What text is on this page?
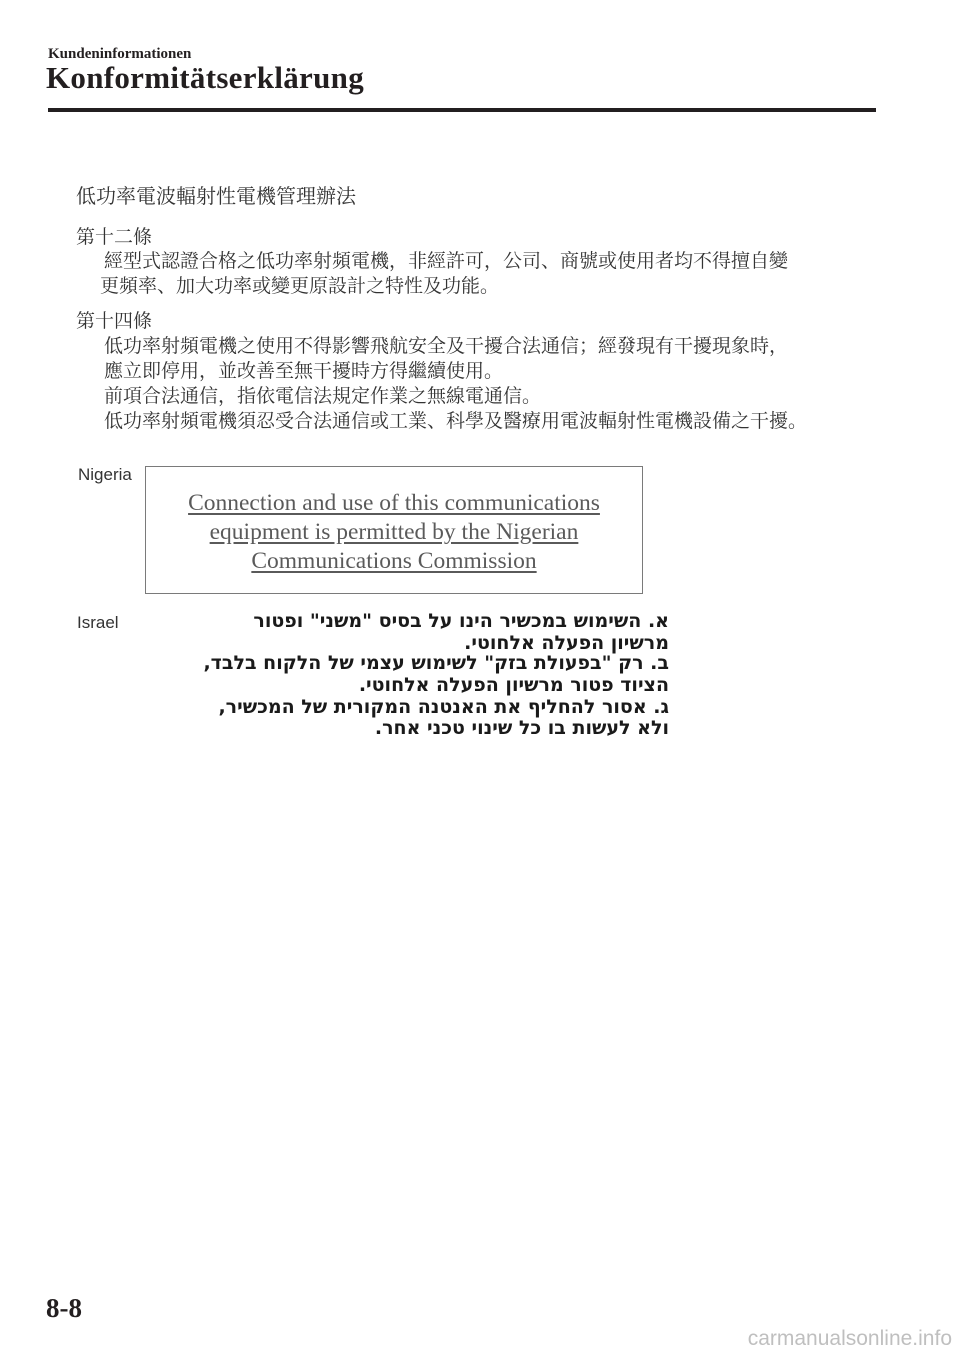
Kundeninformationen
Konformitätserklärung
低功率電波輻射性電機管理辦法
第十二條
經型式認證合格之低功率射頻電機，非經許可，公司、商號或使用者均不得擅自變
更頻率、加大功率或變更原設計之特性及功能。
第十四條
低功率射頻電機之使用不得影響飛航安全及干擾合法通信；經發現有干擾現象時，
應立即停用，並改善至無干擾時方得繼續使用。
前項合法通信，指依電信法規定作業之無線電通信。
低功率射頻電機須忍受合法通信或工業、科學及醫療用電波輻射性電機設備之干擾。
Nigeria
Connection and use of this communications
equipment is permitted by the Nigerian
Communications Commission
Israel	א. השימוש במכשיר הינו על בסיס "משני" ופטור
מרשיון הפעלה אלחוטי.
ב. רק "בפעולת בזק" לשימוש עצמי של הלקוח בלבד,
הציוד פטור מרשיון הפעלה אלחוטי.
ג. אסור להחליף את האנטנה המקורית של המכשיר,
ולא לעשות בו כל שינוי טכני אחר.
8-8
carmanualsonline.info
